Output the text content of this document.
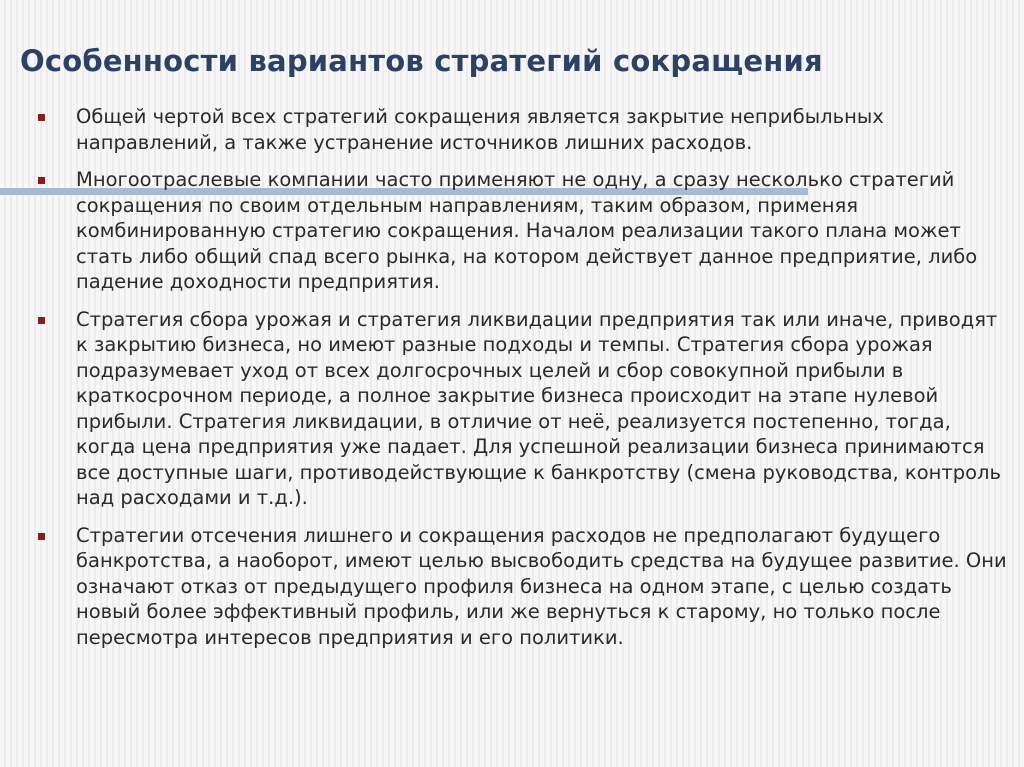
Особенности вариантов стратегий сокращения
Общей чертой всех стратегий сокращения является закрытие неприбыльных направлений, а также устранение источников лишних расходов.
Многоотраслевые компании часто применяют не одну, а сразу несколько стратегий сокращения по своим отдельным направлениям, таким образом, применяя комбинированную стратегию сокращения. Началом реализации такого плана может стать либо общий спад всего рынка, на котором действует данное предприятие, либо падение доходности предприятия.
Стратегия сбора урожая и стратегия ликвидации предприятия так или иначе, приводят к закрытию бизнеса, но имеют разные подходы и темпы. Стратегия сбора урожая подразумевает уход от всех долгосрочных целей и сбор совокупной прибыли в краткосрочном периоде, а полное закрытие бизнеса происходит на этапе нулевой прибыли. Стратегия ликвидации, в отличие от неё, реализуется постепенно, тогда, когда цена предприятия уже падает. Для успешной реализации бизнеса принимаются все доступные шаги, противодействующие к банкротству (смена руководства, контроль над расходами и т.д.).
Стратегии отсечения лишнего и сокращения расходов не предполагают будущего банкротства, а наоборот, имеют целью высвободить средства на будущее развитие. Они означают отказ от предыдущего профиля бизнеса на одном этапе, с целью создать новый более эффективный профиль, или же вернуться к старому, но только после пересмотра интересов предприятия и его политики.
